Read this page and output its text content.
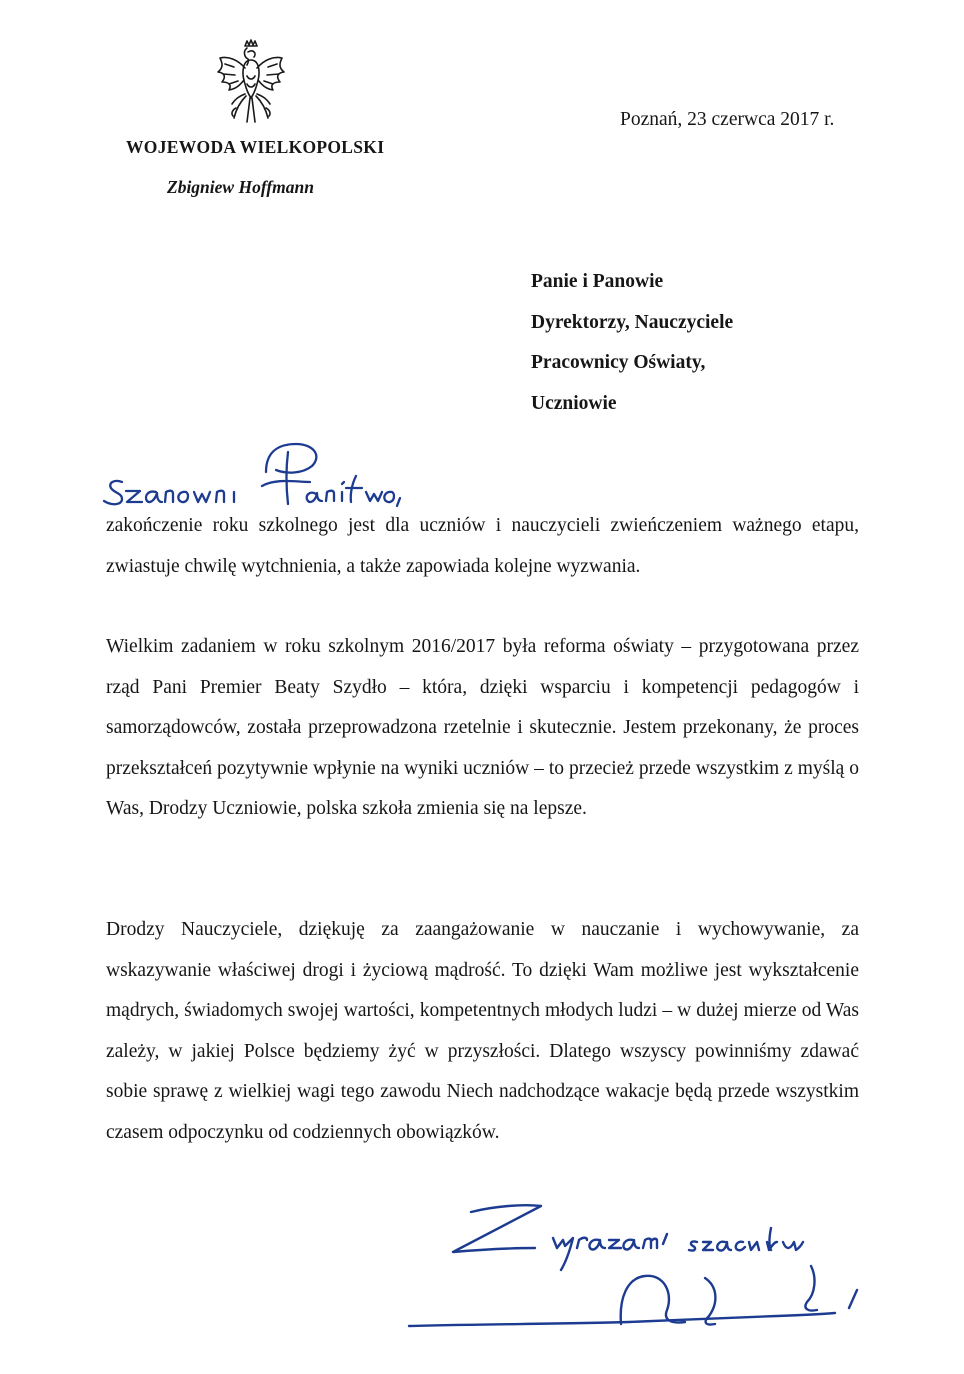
WOJEWODA WIELKOPOLSKI
Zbigniew Hoffmann
Poznań, 23 czerwca 2017 r.
Panie i Panowie
Dyrektorzy, Nauczyciele
Pracownicy Oświaty,
Uczniowie
zakończenie roku szkolnego jest dla uczniów i nauczycieli zwieńczeniem ważnego etapu, zwiastuje chwilę wytchnienia, a także zapowiada kolejne wyzwania.
Wielkim zadaniem w roku szkolnym 2016/2017 była reforma oświaty – przygotowana przez rząd Pani Premier Beaty Szydło – która, dzięki wsparciu i kompetencji pedagogów i samorządowców, została przeprowadzona rzetelnie i skutecznie. Jestem przekonany, że proces przekształceń pozytywnie wpłynie na wyniki uczniów – to przecież przede wszystkim z myślą o Was, Drodzy Uczniowie, polska szkoła zmienia się na lepsze.
Drodzy Nauczyciele, dziękuję za zaangażowanie w nauczanie i wychowywanie, za wskazywanie właściwej drogi i życiową mądrość. To dzięki Wam możliwe jest wykształcenie mądrych, świadomych swojej wartości, kompetentnych młodych ludzi – w dużej mierze od Was zależy, w jakiej Polsce będziemy żyć w przyszłości. Dlatego wszyscy powinniśmy zdawać sobie sprawę z wielkiej wagi tego zawodu Niech nadchodzące wakacje będą przede wszystkim czasem odpoczynku od codziennych obowiązków.
